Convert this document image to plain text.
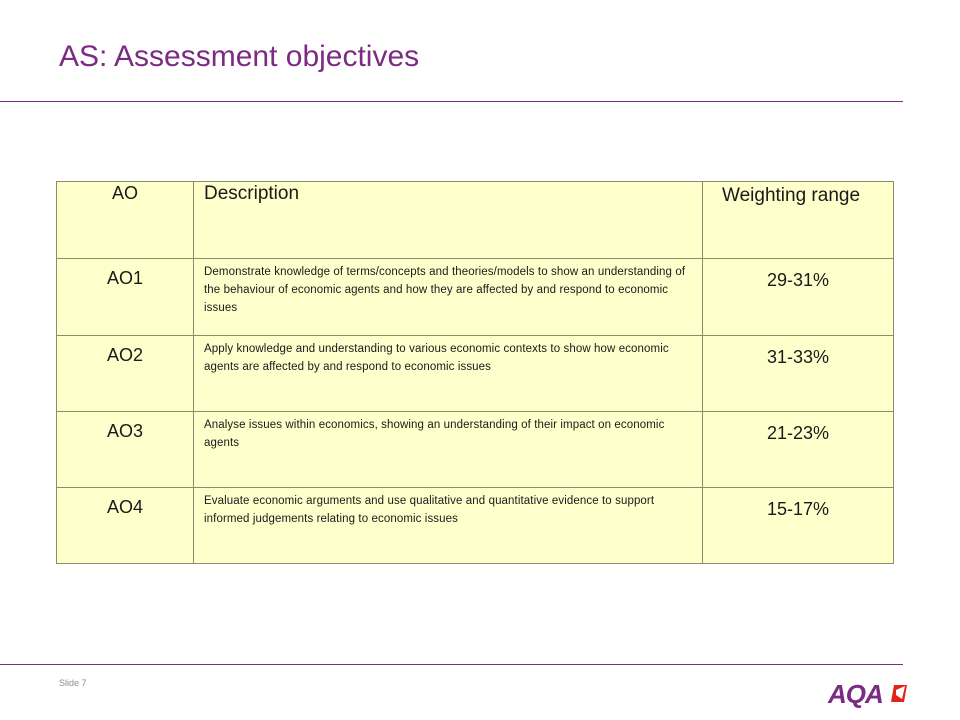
AS: Assessment objectives
AO	Description	Weighting range
AO1	Demonstrate knowledge of terms/concepts and theories/models to show an understanding of the behaviour of economic agents and how they are affected by and respond to economic issues	29-31%
AO2	Apply knowledge and understanding to various economic contexts to show how economic agents are affected by and respond to economic issues	31-33%
AO3	Analyse issues within economics, showing an understanding of their impact on economic agents	21-23%
AO4	Evaluate economic arguments and use qualitative and quantitative evidence to support informed judgements relating to economic issues	15-17%
Slide 7	AQA
